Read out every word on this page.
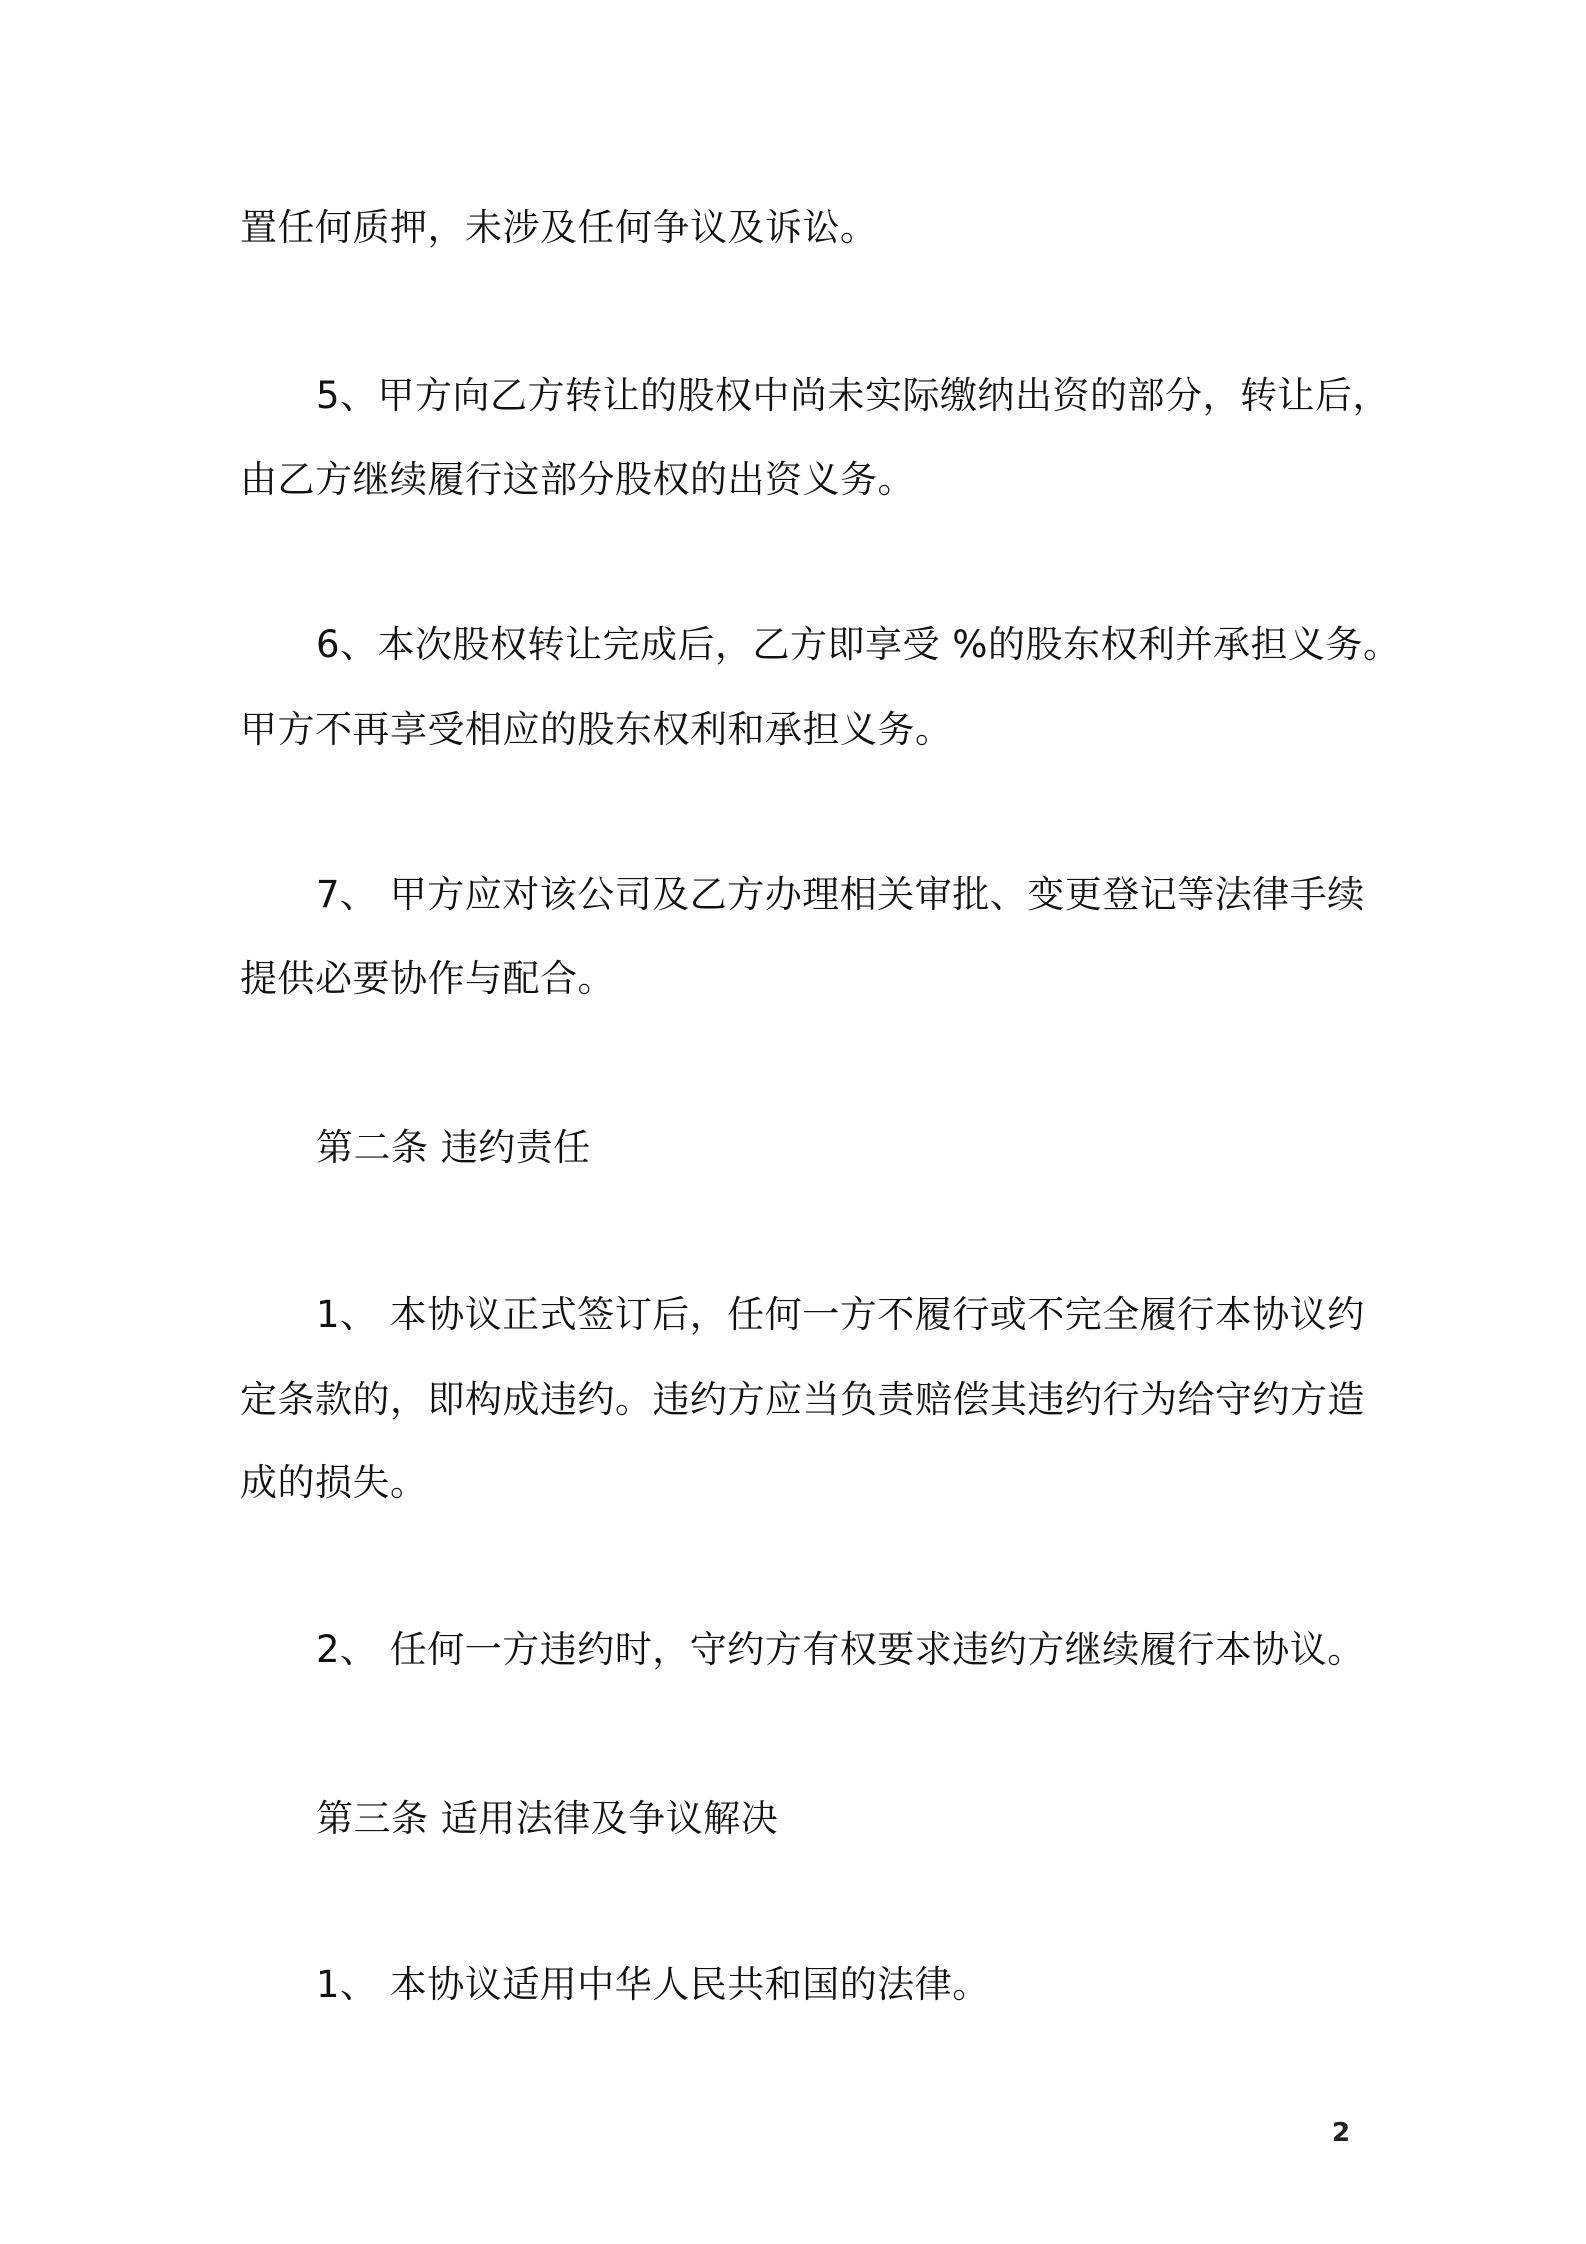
置任何质押，未涉及任何争议及诉讼。
5、甲方向乙方转让的股权中尚未实际缴纳出资的部分，转让后，
由乙方继续履行这部分股权的出资义务。
6、本次股权转让完成后，乙方即享受 %的股东权利并承担义务。
甲方不再享受相应的股东权利和承担义务。
7、 甲方应对该公司及乙方办理相关审批、变更登记等法律手续
提供必要协作与配合。
第二条 违约责任
1、 本协议正式签订后，任何一方不履行或不完全履行本协议约
定条款的，即构成违约。违约方应当负责赔偿其违约行为给守约方造
成的损失。
2、 任何一方违约时，守约方有权要求违约方继续履行本协议。
第三条 适用法律及争议解决
1、 本协议适用中华人民共和国的法律。
2
